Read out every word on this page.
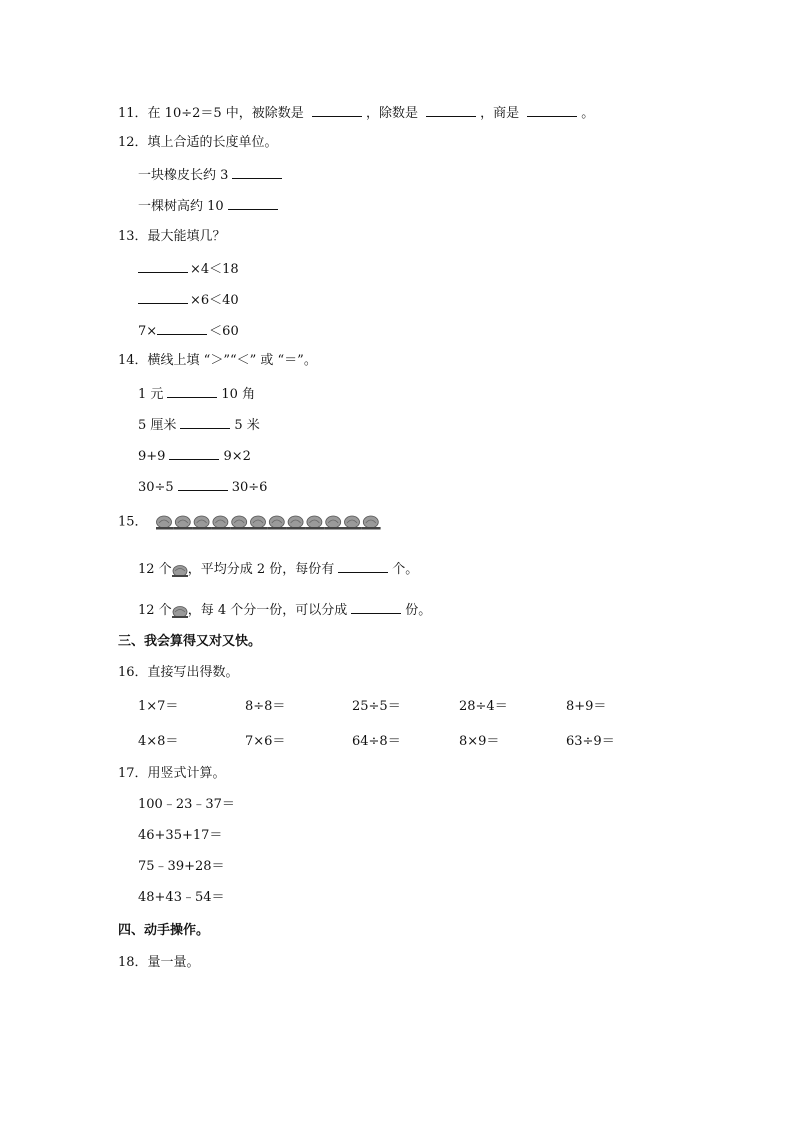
11．在 10÷2＝5 中，被除数是	，除数是	，商是	。
12．填上合适的长度单位。
一块橡皮长约 3
一棵树高约 10
13．最大能填几？
×4＜18
×6＜40
7×	＜60
14．横线上填 “＞”“＜” 或 “＝”。
1 元	10 角
5 厘米	5 米
9+9	9×2
30÷5	30÷6
15．
12 个 ，平均分成 2 份，每份有	个。
12 个 ，每 4 个分一份，可以分成	份。
三、我会算得又对又快。
16．直接写出得数。
1×7＝	8÷8＝	25÷5＝	28÷4＝	8+9＝
4×8＝	7×6＝	64÷8＝	8×9＝	63÷9＝
17．用竖式计算。
100﹣23﹣37＝
46+35+17＝
75﹣39+28＝
48+43﹣54＝
四、动手操作。
18．量一量。
